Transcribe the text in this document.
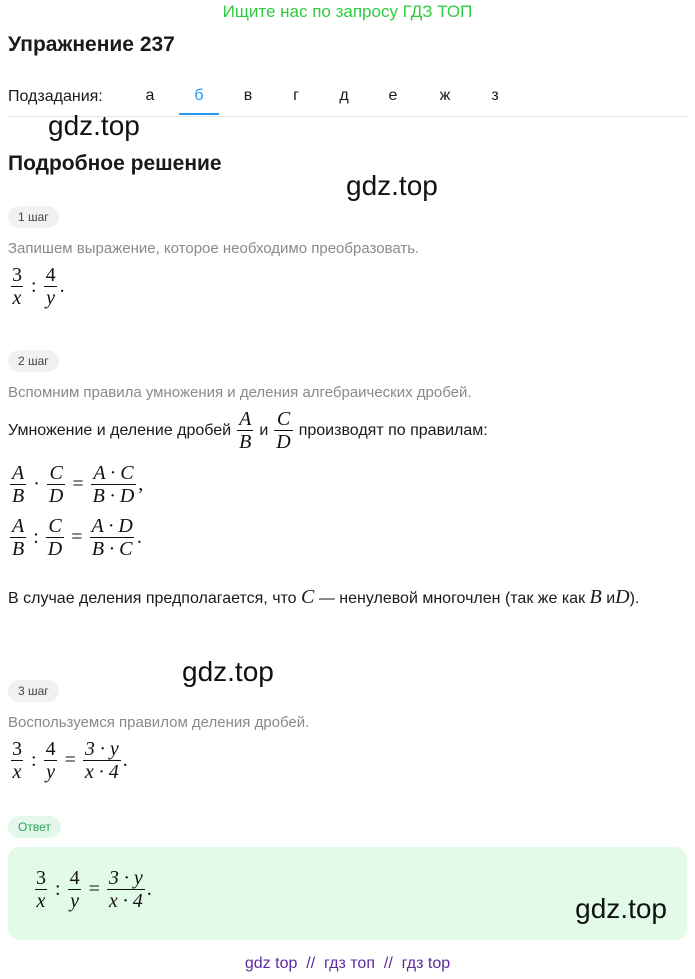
Ищите нас по запросу ГДЗ ТОП
Упражнение 237
Подзадания:	а	б	в	г	д	е	ж	з
gdz.top
Подробное решение
gdz.top
1 шаг
Запишем выражение, которое необходимо преобразовать.
$\frac{3}{x}$ : $\frac{4}{y}$ .
2 шаг
Вспомним правила умножения и деления алгебраических дробей.
Умножение и деление дробей $\frac{A}{B}$ и $\frac{C}{D}$ производят по правилам:
$\frac{A}{B} \cdot \frac{C}{D} = \frac{A \cdot C}{B \cdot D}$ ,
$\frac{A}{B}$ : $\frac{C}{D} = \frac{A \cdot D}{B \cdot C}$ .
В случае деления предполагается, что C — ненулевой многочлен (так же как B иD).
gdz.top
3 шаг
Воспользуемся правилом деления дробей.
$\frac{3}{x}$ : $\frac{4}{y} = \frac{3 \cdot y}{x \cdot 4}$ .
Ответ
$\frac{3}{x}$ : $\frac{4}{y} = \frac{3 \cdot y}{x \cdot 4}$ .
gdz.top
gdz top  //  гдз топ  //  гдз top
